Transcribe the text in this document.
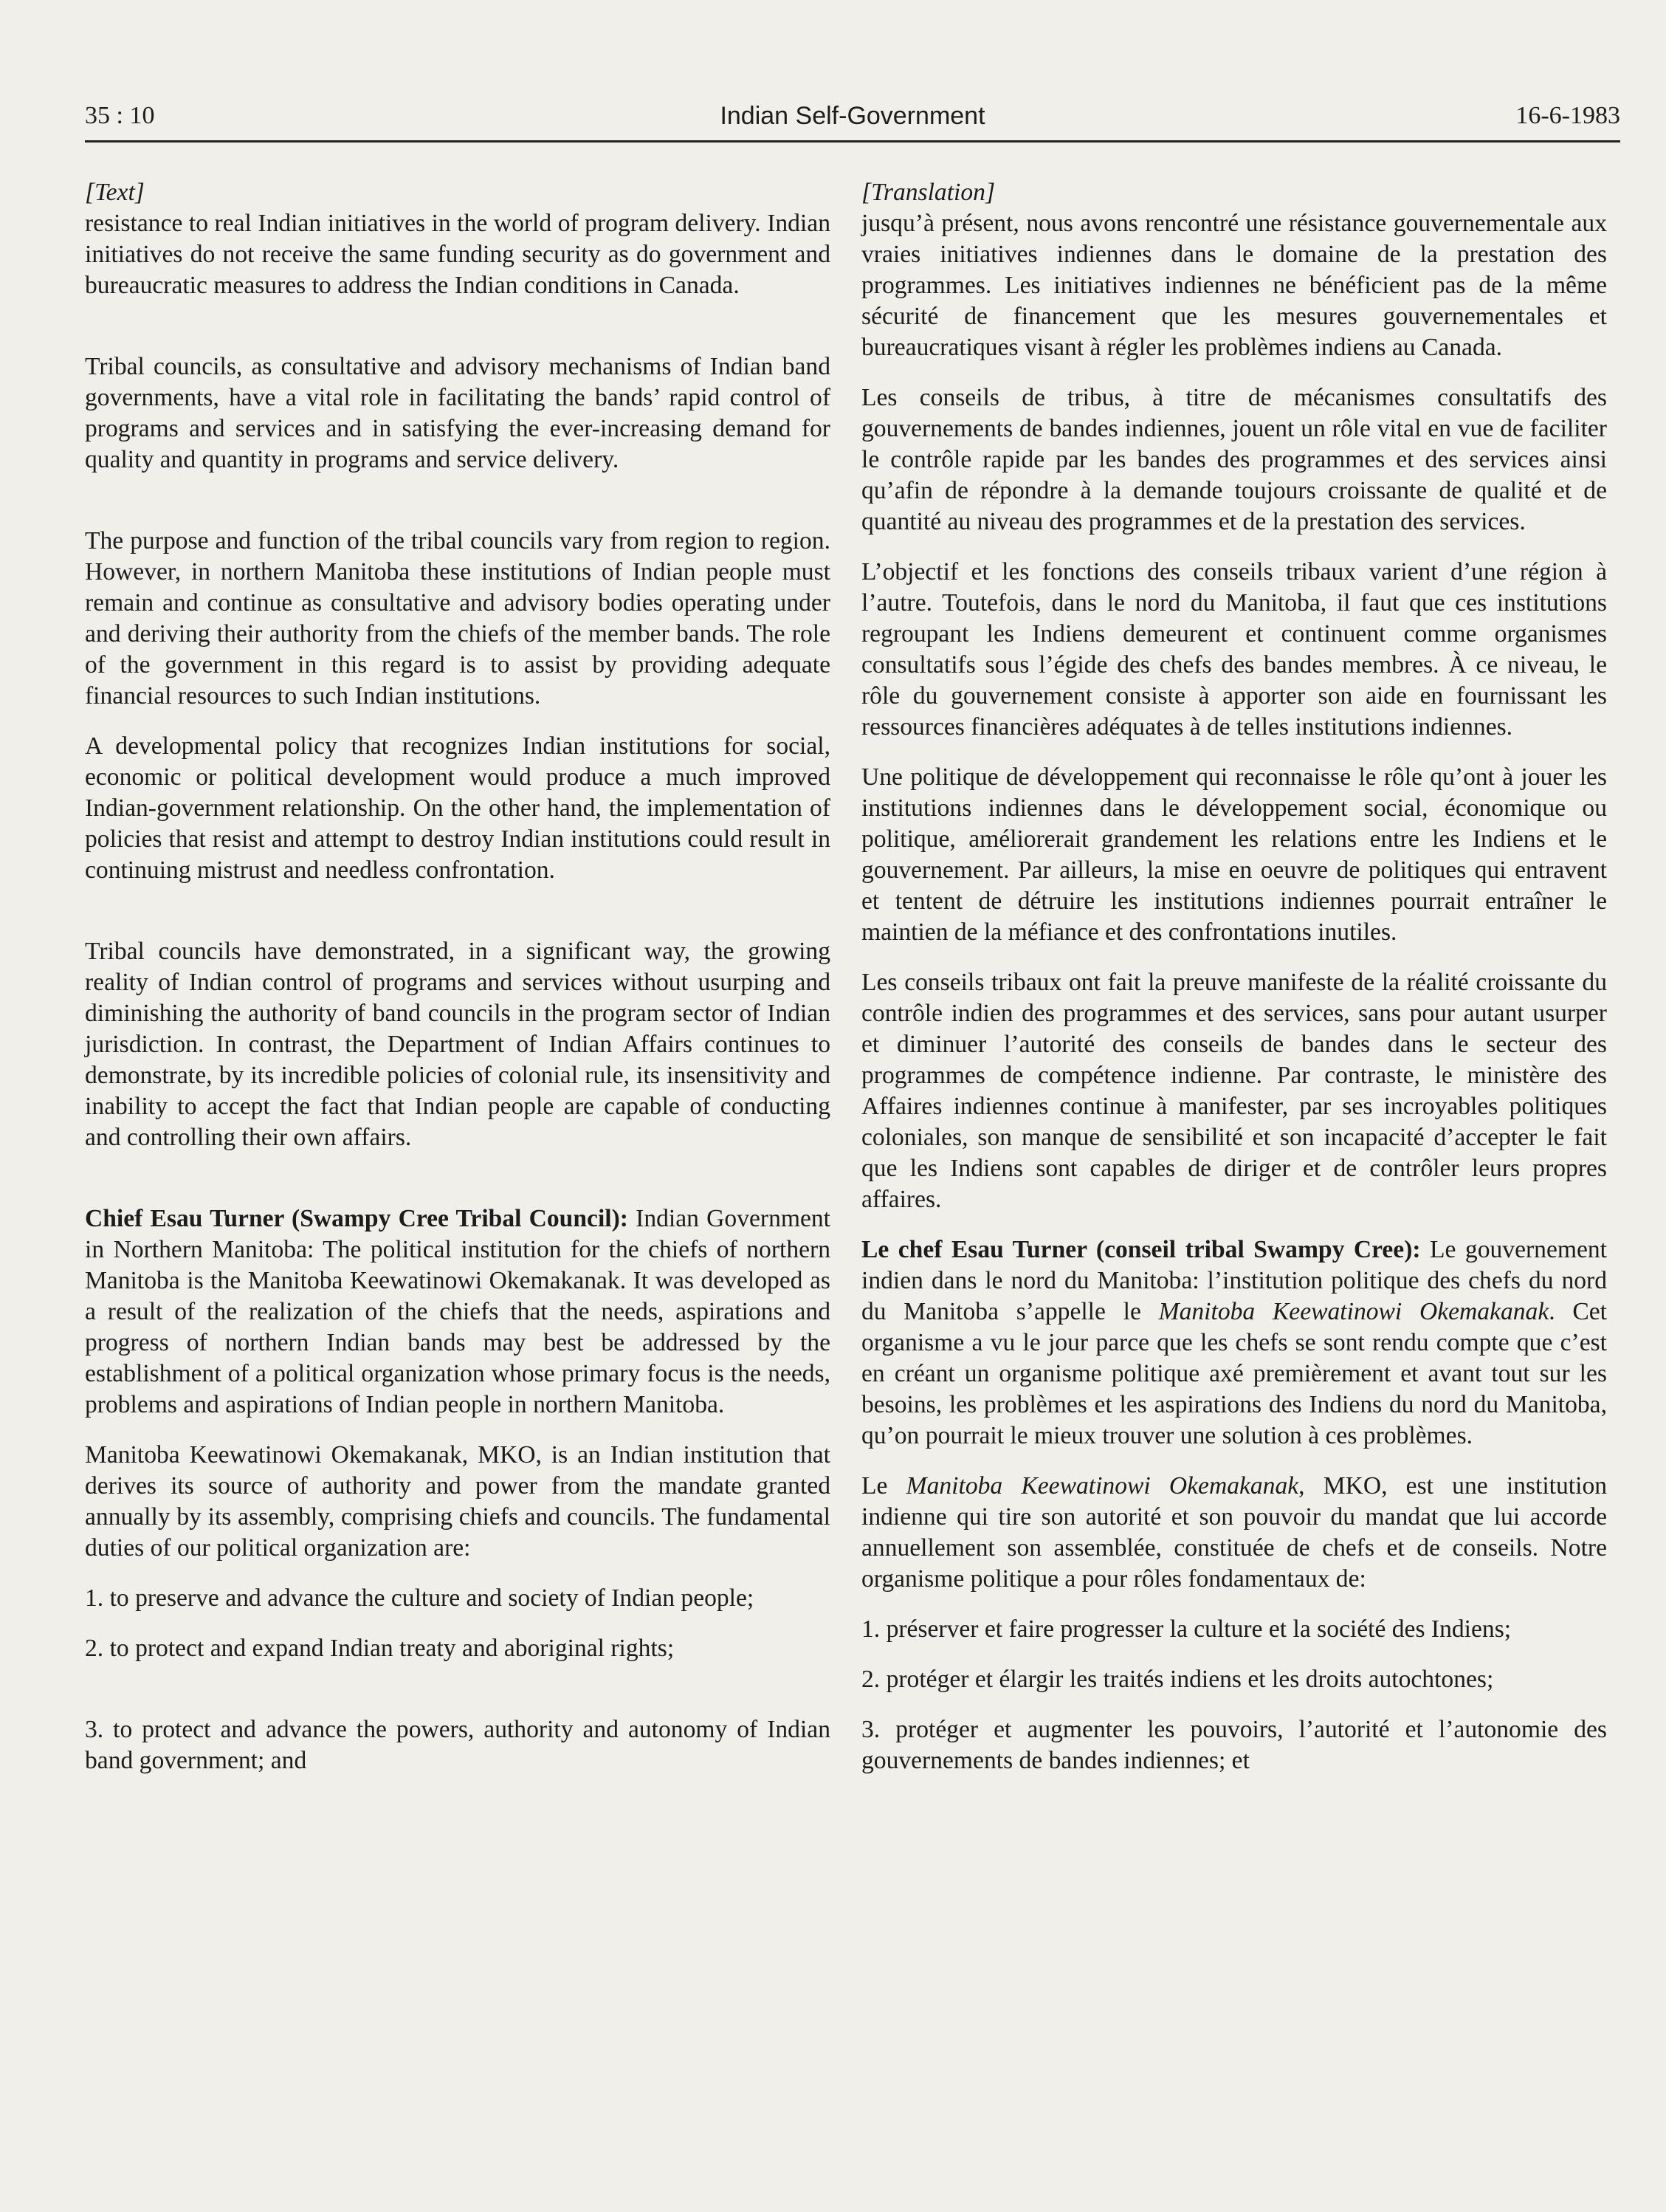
35 : 10	Indian Self-Government	16-6-1983

[Text]

resistance to real Indian initiatives in the world of program delivery. Indian initiatives do not receive the same funding security as do government and bureaucratic measures to address the Indian conditions in Canada.

Tribal councils, as consultative and advisory mechanisms of Indian band governments, have a vital role in facilitating the bands’ rapid control of programs and services and in satisfying the ever-increasing demand for quality and quantity in programs and service delivery.

The purpose and function of the tribal councils vary from region to region. However, in northern Manitoba these institutions of Indian people must remain and continue as consultative and advisory bodies operating under and deriving their authority from the chiefs of the member bands. The role of the government in this regard is to assist by providing adequate financial resources to such Indian institutions.

A developmental policy that recognizes Indian institutions for social, economic or political development would produce a much improved Indian-government relationship. On the other hand, the implementation of policies that resist and attempt to destroy Indian institutions could result in continuing mistrust and needless confrontation.

Tribal councils have demonstrated, in a significant way, the growing reality of Indian control of programs and services without usurping and diminishing the authority of band councils in the program sector of Indian jurisdiction. In contrast, the Department of Indian Affairs continues to demonstrate, by its incredible policies of colonial rule, its insensitivity and inability to accept the fact that Indian people are capable of conducting and controlling their own affairs.

Chief Esau Turner (Swampy Cree Tribal Council): Indian Government in Northern Manitoba: The political institution for the chiefs of northern Manitoba is the Manitoba Keewatinowi Okemakanak. It was developed as a result of the realization of the chiefs that the needs, aspirations and progress of northern Indian bands may best be addressed by the establishment of a political organization whose primary focus is the needs, problems and aspirations of Indian people in northern Manitoba.

Manitoba Keewatinowi Okemakanak, MKO, is an Indian institution that derives its source of authority and power from the mandate granted annually by its assembly, comprising chiefs and councils. The fundamental duties of our political organization are:

1. to preserve and advance the culture and society of Indian people;

2. to protect and expand Indian treaty and aboriginal rights;

3. to protect and advance the powers, authority and autonomy of Indian band government; and

[Translation]

jusqu’à présent, nous avons rencontré une résistance gouvernementale aux vraies initiatives indiennes dans le domaine de la prestation des programmes. Les initiatives indiennes ne bénéficient pas de la même sécurité de financement que les mesures gouvernementales et bureaucratiques visant à régler les problèmes indiens au Canada.

Les conseils de tribus, à titre de mécanismes consultatifs des gouvernements de bandes indiennes, jouent un rôle vital en vue de faciliter le contrôle rapide par les bandes des programmes et des services ainsi qu’afin de répondre à la demande toujours croissante de qualité et de quantité au niveau des programmes et de la prestation des services.

L’objectif et les fonctions des conseils tribaux varient d’une région à l’autre. Toutefois, dans le nord du Manitoba, il faut que ces institutions regroupant les Indiens demeurent et continuent comme organismes consultatifs sous l’égide des chefs des bandes membres. À ce niveau, le rôle du gouvernement consiste à apporter son aide en fournissant les ressources financières adéquates à de telles institutions indiennes.

Une politique de développement qui reconnaisse le rôle qu’ont à jouer les institutions indiennes dans le développement social, économique ou politique, améliorerait grandement les relations entre les Indiens et le gouvernement. Par ailleurs, la mise en oeuvre de politiques qui entravent et tentent de détruire les institutions indiennes pourrait entraîner le maintien de la méfiance et des confrontations inutiles.

Les conseils tribaux ont fait la preuve manifeste de la réalité croissante du contrôle indien des programmes et des services, sans pour autant usurper et diminuer l’autorité des conseils de bandes dans le secteur des programmes de compétence indienne. Par contraste, le ministère des Affaires indiennes continue à manifester, par ses incroyables politiques coloniales, son manque de sensibilité et son incapacité d’accepter le fait que les Indiens sont capables de diriger et de contrôler leurs propres affaires.

Le chef Esau Turner (conseil tribal Swampy Cree): Le gouvernement indien dans le nord du Manitoba: l’institution politique des chefs du nord du Manitoba s’appelle le Manitoba Keewatinowi Okemakanak. Cet organisme a vu le jour parce que les chefs se sont rendu compte que c’est en créant un organisme politique axé premièrement et avant tout sur les besoins, les problèmes et les aspirations des Indiens du nord du Manitoba, qu’on pourrait le mieux trouver une solution à ces problèmes.

Le Manitoba Keewatinowi Okemakanak, MKO, est une institution indienne qui tire son autorité et son pouvoir du mandat que lui accorde annuellement son assemblée, constituée de chefs et de conseils. Notre organisme politique a pour rôles fondamentaux de:

1. préserver et faire progresser la culture et la société des Indiens;

2. protéger et élargir les traités indiens et les droits autochtones;

3. protéger et augmenter les pouvoirs, l’autorité et l’autonomie des gouvernements de bandes indiennes; et
